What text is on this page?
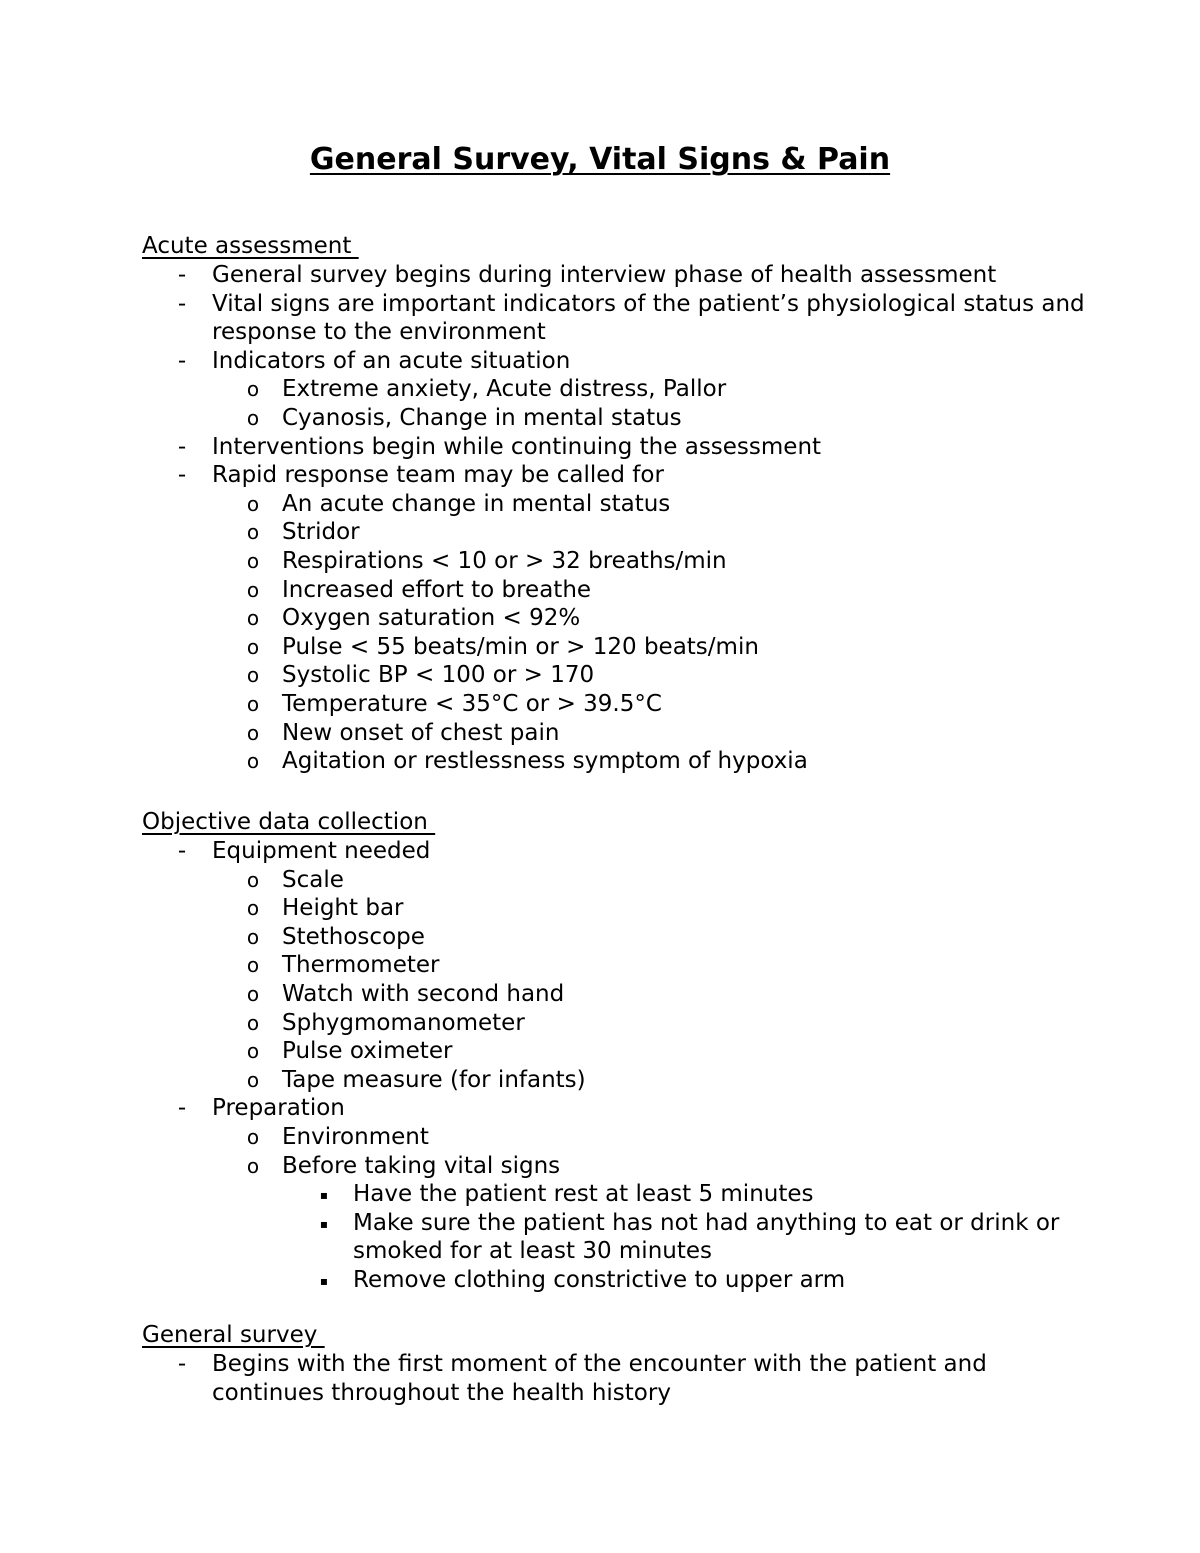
General Survey, Vital Signs & Pain
Acute assessment
- General survey begins during interview phase of health assessment
- Vital signs are important indicators of the patient’s physiological status and response to the environment
- Indicators of an acute situation
o Extreme anxiety, Acute distress, Pallor
o Cyanosis, Change in mental status
- Interventions begin while continuing the assessment
- Rapid response team may be called for
o An acute change in mental status
o Stridor
o Respirations < 10 or > 32 breaths/min
o Increased effort to breathe
o Oxygen saturation < 92%
o Pulse < 55 beats/min or > 120 beats/min
o Systolic BP < 100 or > 170
o Temperature < 35°C or > 39.5°C
o New onset of chest pain
o Agitation or restlessness symptom of hypoxia
Objective data collection
- Equipment needed
o Scale
o Height bar
o Stethoscope
o Thermometer
o Watch with second hand
o Sphygmomanometer
o Pulse oximeter
o Tape measure (for infants)
- Preparation
o Environment
o Before taking vital signs
▪ Have the patient rest at least 5 minutes
▪ Make sure the patient has not had anything to eat or drink or smoked for at least 30 minutes
▪ Remove clothing constrictive to upper arm
General survey
- Begins with the first moment of the encounter with the patient and continues throughout the health history
